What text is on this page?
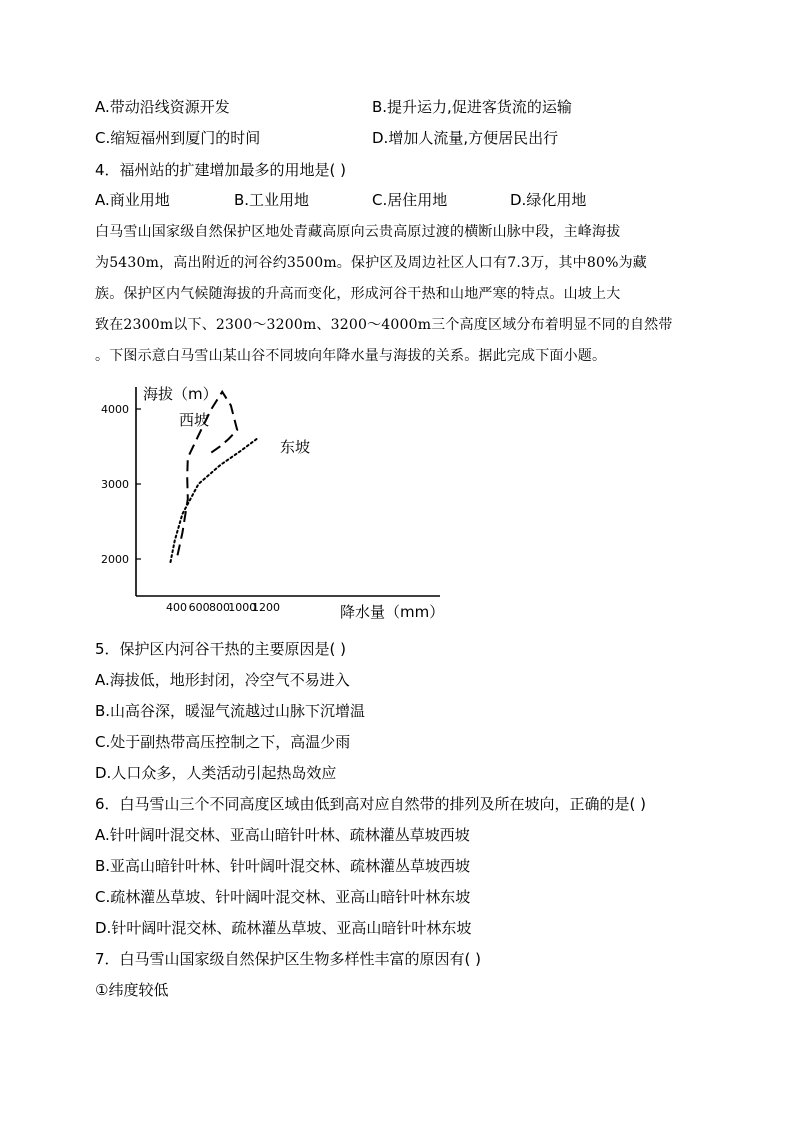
A.带动沿线资源开发	B.提升运力,促进客货流的运输
C.缩短福州到厦门的时间	D.增加人流量,方便居民出行
4．福州站的扩建增加最多的用地是( )
A.商业用地	B.工业用地	C.居住用地	D.绿化用地
白马雪山国家级自然保护区地处青藏高原向云贵高原过渡的横断山脉中段，主峰海拔
为5430m，高出附近的河谷约3500m。保护区及周边社区人口有7.3万，其中80%为藏
族。保护区内气候随海拔的升高而变化，形成河谷干热和山地严寒的特点。山坡上大
致在2300m以下、2300～3200m、3200～4000m三个高度区域分布着明显不同的自然带
。下图示意白马雪山某山谷不同坡向年降水量与海拔的关系。据此完成下面小题。
2000
3000
4000
400 800 1200
600 1000
海拔（m）
降水量（mm）
西坡
东坡
5．保护区内河谷干热的主要原因是( )
A.海拔低，地形封闭，冷空气不易进入
B.山高谷深，暖湿气流越过山脉下沉增温
C.处于副热带高压控制之下，高温少雨
D.人口众多，人类活动引起热岛效应
6．白马雪山三个不同高度区域由低到高对应自然带的排列及所在坡向，正确的是( )
A.针叶阔叶混交林、亚高山暗针叶林、疏林灌丛草坡西坡
B.亚高山暗针叶林、针叶阔叶混交林、疏林灌丛草坡西坡
C.疏林灌丛草坡、针叶阔叶混交林、亚高山暗针叶林东坡
D.针叶阔叶混交林、疏林灌丛草坡、亚高山暗针叶林东坡
7．白马雪山国家级自然保护区生物多样性丰富的原因有( )
①纬度较低
